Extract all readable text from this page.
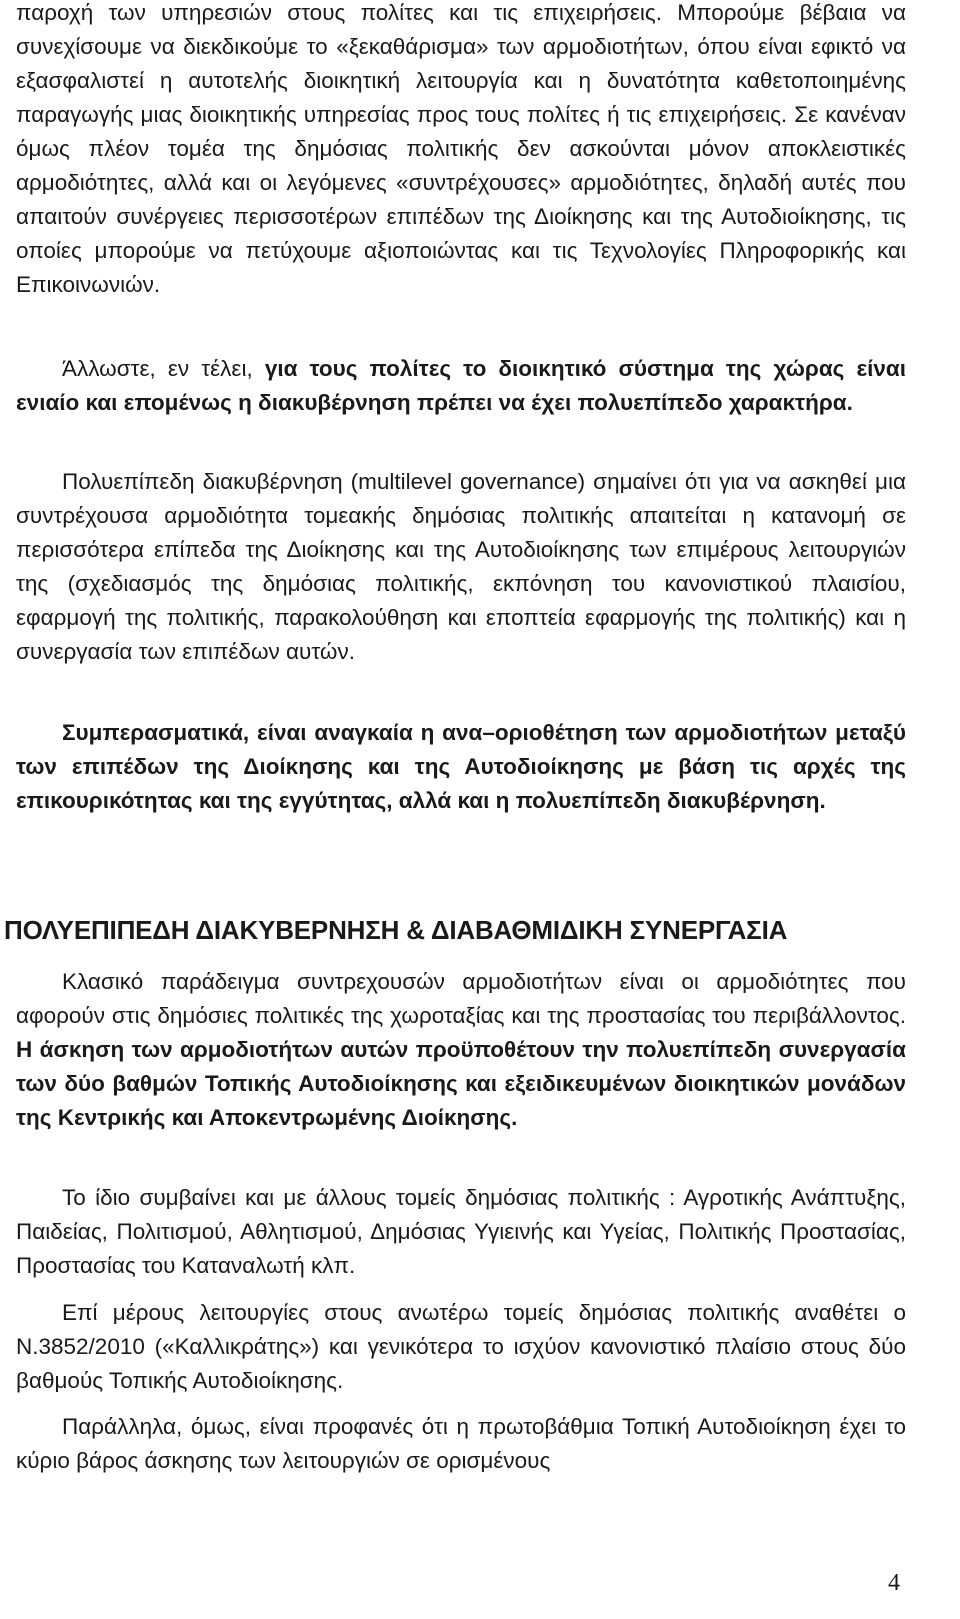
παροχή των υπηρεσιών στους πολίτες και τις επιχειρήσεις. Μπορούμε βέβαια να συνεχίσουμε να διεκδικούμε το «ξεκαθάρισμα» των αρμοδιοτήτων, όπου είναι εφικτό να εξασφαλιστεί η αυτοτελής διοικητική λειτουργία και η δυνατότητα καθετοποιημένης παραγωγής μιας διοικητικής υπηρεσίας προς τους πολίτες ή τις επιχειρήσεις. Σε κανέναν όμως πλέον τομέα της δημόσιας πολιτικής δεν ασκούνται μόνον αποκλειστικές αρμοδιότητες, αλλά και οι λεγόμενες «συντρέχουσες» αρμοδιότητες, δηλαδή αυτές που απαιτούν συνέργειες περισσοτέρων επιπέδων της Διοίκησης και της Αυτοδιοίκησης, τις οποίες μπορούμε να πετύχουμε αξιοποιώντας και τις Τεχνολογίες Πληροφορικής και Επικοινωνιών.

Άλλωστε, εν τέλει, για τους πολίτες το διοικητικό σύστημα της χώρας είναι ενιαίο και επομένως η διακυβέρνηση πρέπει να έχει πολυεπίπεδο χαρακτήρα.

Πολυεπίπεδη διακυβέρνηση (multilevel governance) σημαίνει ότι για να ασκηθεί μια συντρέχουσα αρμοδιότητα τομεακής δημόσιας πολιτικής απαιτείται η κατανομή σε περισσότερα επίπεδα της Διοίκησης και της Αυτοδιοίκησης των επιμέρους λειτουργιών της (σχεδιασμός της δημόσιας πολιτικής, εκπόνηση του κανονιστικού πλαισίου, εφαρμογή της πολιτικής, παρακολούθηση και εποπτεία εφαρμογής της πολιτικής) και η συνεργασία των επιπέδων αυτών.

Συμπερασματικά, είναι αναγκαία η ανα–οριοθέτηση των αρμοδιοτήτων μεταξύ των επιπέδων της Διοίκησης και της Αυτοδιοίκησης με βάση τις αρχές της επικουρικότητας και της εγγύτητας, αλλά και η πολυεπίπεδη διακυβέρνηση.

ΠΟΛΥΕΠΙΠΕΔΗ ΔΙΑΚΥΒΕΡΝΗΣΗ & ΔΙΑΒΑΘΜΙΔΙΚΗ ΣΥΝΕΡΓΑΣΙΑ

Κλασικό παράδειγμα συντρεχουσών αρμοδιοτήτων είναι οι αρμοδιότητες που αφορούν στις δημόσιες πολιτικές της χωροταξίας και της προστασίας του περιβάλλοντος. Η άσκηση των αρμοδιοτήτων αυτών προϋποθέτουν την πολυεπίπεδη συνεργασία των δύο βαθμών Τοπικής Αυτοδιοίκησης και εξειδικευμένων διοικητικών μονάδων της Κεντρικής και Αποκεντρωμένης Διοίκησης.

Το ίδιο συμβαίνει και με άλλους τομείς δημόσιας πολιτικής : Αγροτικής Ανάπτυξης, Παιδείας, Πολιτισμού, Αθλητισμού, Δημόσιας Υγιεινής και Υγείας, Πολιτικής Προστασίας, Προστασίας του Καταναλωτή κλπ.

Επί μέρους λειτουργίες στους ανωτέρω τομείς δημόσιας πολιτικής αναθέτει ο Ν.3852/2010 («Καλλικράτης») και γενικότερα το ισχύον κανονιστικό πλαίσιο στους δύο βαθμούς Τοπικής Αυτοδιοίκησης.

Παράλληλα, όμως, είναι προφανές ότι η πρωτοβάθμια Τοπική Αυτοδιοίκηση έχει το κύριο βάρος άσκησης των λειτουργιών σε ορισμένους

4
